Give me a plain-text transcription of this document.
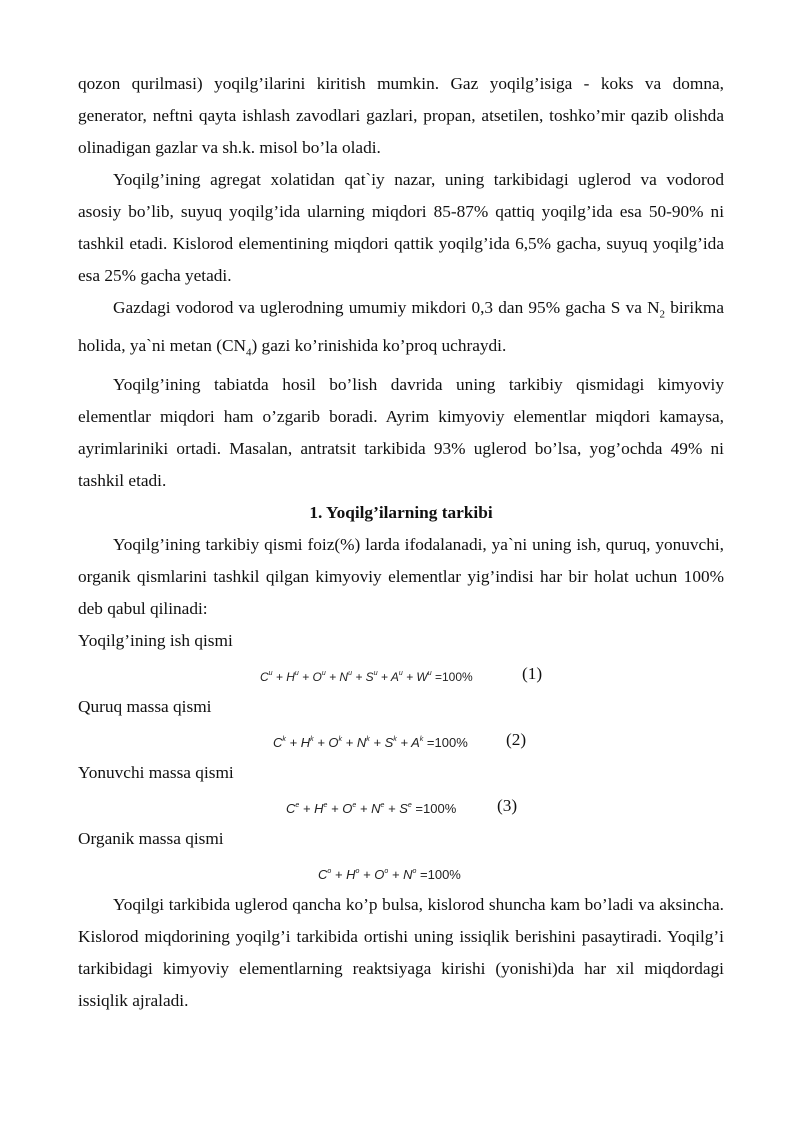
qozon qurilmasi) yoqilg’ilarini kiritish mumkin. Gaz yoqilg’isiga - koks va domna, generator, neftni qayta ishlash zavodlari gazlari, propan, atsetilen, toshko’mir qazib olishda olinadigan gazlar va sh.k. misol bo’la oladi.

Yoqilg’ining agregat xolatidan qat`iy nazar, uning tarkibidagi uglerod va vodorod asosiy bo’lib, suyuq yoqilg’ida ularning miqdori 85-87% qattiq yoqilg’ida esa 50-90% ni tashkil etadi. Kislorod elementining miqdori qattik yoqilg’ida 6,5% gacha, suyuq yoqilg’ida esa 25% gacha yetadi.

Gazdagi vodorod va uglerodning umumiy mikdori 0,3 dan 95% gacha S va $N_2$ birikma holida, ya`ni metan $(CN_4)$ gazi ko’rinishida ko’proq uchraydi.

Yoqilg’ining tabiatda hosil bo’lish davrida uning tarkibiy qismidagi kimyoviy elementlar miqdori ham o’zgarib boradi. Ayrim kimyoviy elementlar miqdori kamaysa, ayrimlariniki ortadi. Masalan, antratsit tarkibida 93% uglerod bo’lsa, yog’ochda 49% ni tashkil etadi.

1. Yoqilg’ilarning tarkibi

Yoqilg’ining tarkibiy qismi foiz(%) larda ifodalanadi, ya`ni uning ish, quruq, yonuvchi, organik qismlarini tashkil qilgan kimyoviy elementlar yig’indisi har bir holat uchun 100% deb qabul qilinadi:

Yoqilg’ining ish qismi

$C^u + H^u + O^u + N^u + S^u + A^u + W^u =100\%$	(1)

Quruq massa qismi

$C^k + H^k + O^k + N^k + S^k + A^k =100\%$ (2)

Yonuvchi massa qismi

$C^e + H^e + O^e + N^e + S^e =100\%$ (3)

Organik massa qismi

$C^o + H^o + O^o + N^o =100\%$

Yoqilgi tarkibida uglerod qancha ko’p bulsa, kislorod shuncha kam bo’ladi va aksincha. Kislorod miqdorining yoqilg’i tarkibida ortishi uning issiqlik berishini pasaytiradi. Yoqilg’i tarkibidagi kimyoviy elementlarning reaktsiyaga kirishi (yonishi)da har xil miqdordagi issiqlik ajraladi.
